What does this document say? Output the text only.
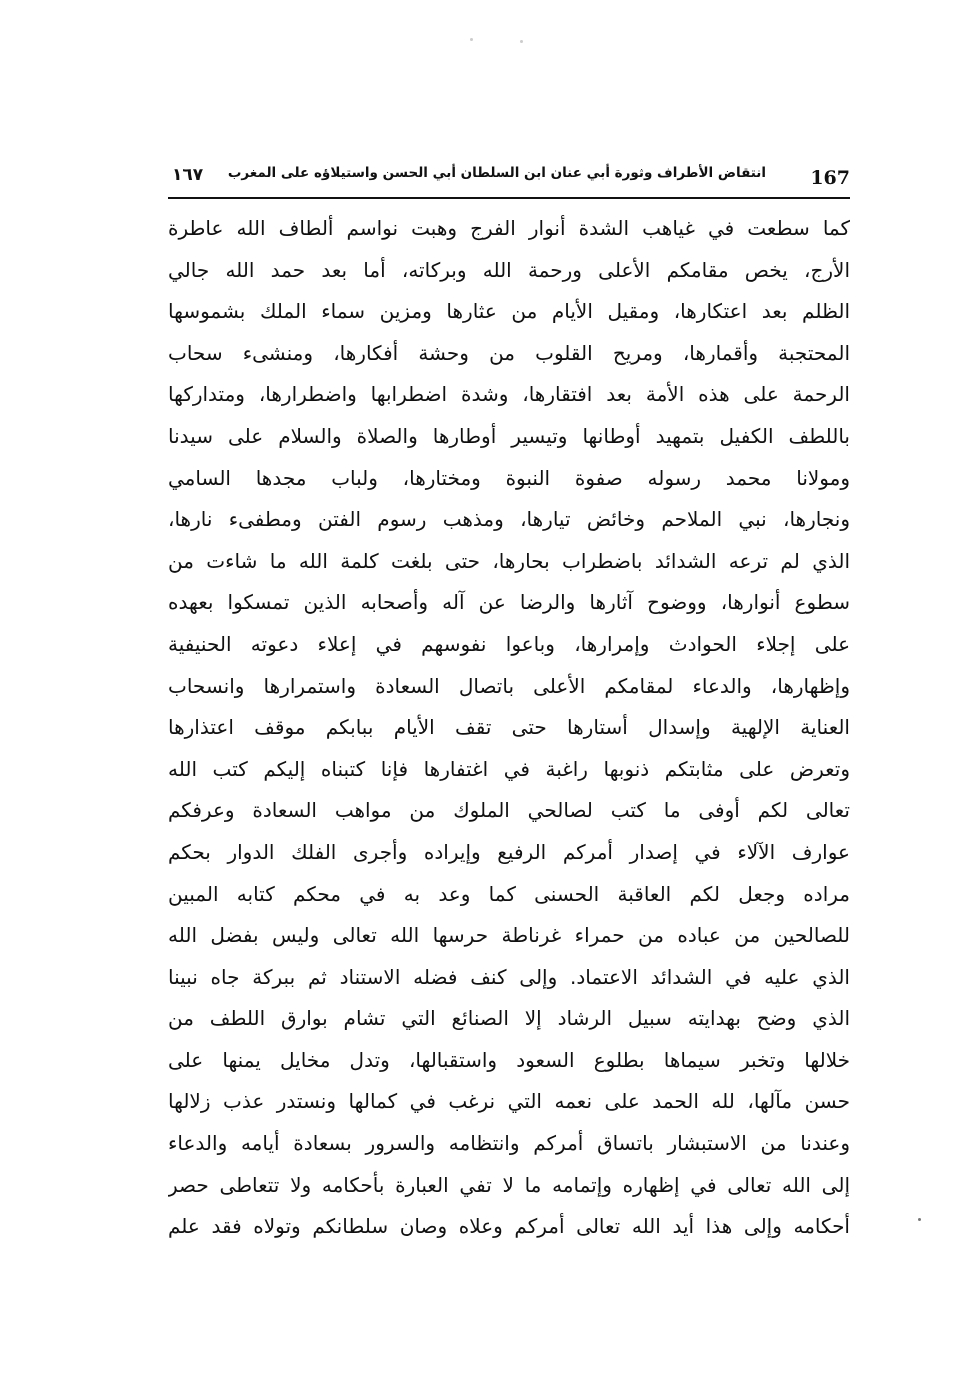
167
انتقاض الأطراف وثورة أبي عنان ابن السلطان أبي الحسن واستيلاؤه على المغرب
١٦٧
كما سطعت في غياهب الشدة أنوار الفرج وهبت نواسم ألطاف الله عاطرة
الأرج، يخص مقامكم الأعلى ورحمة الله وبركاته، أما بعد حمد الله جالي
الظلم بعد اعتكارها، ومقيل الأيام من عثارها ومزين سماء الملك بشموسها
المحتجبة وأقمارها، ومريح القلوب من وحشة أفكارها، ومنشىء سحاب
الرحمة على هذه الأمة بعد افتقارها، وشدة اضطرابها واضطرارها، ومتداركها
باللطف الكفيل بتمهيد أوطانها وتيسير أوطارها والصلاة والسلام على سيدنا
ومولانا محمد رسوله صفوة النبوة ومختارها، ولباب مجدها السامي
ونجارها، نبي الملاحم وخائض تيارها، ومذهب رسوم الفتن ومطفىء نارها،
الذي لم ترعه الشدائد باضطراب بحارها، حتى بلغت كلمة الله ما شاءت من
سطوع أنوارها، ووضوح آثارها والرضا عن آله وأصحابه الذين تمسكوا بعهده
على إجلاء الحوادث وإمرارها، وباعوا نفوسهم في إعلاء دعوته الحنيفية
وإظهارها، والدعاء لمقامكم الأعلى باتصال السعادة واستمرارها وانسحاب
العناية الإلهية وإسدال أستارها حتى تقف الأيام ببابكم موقف اعتذارها
وتعرض على مثابتكم ذنوبها راغبة في اغتفارها فإنا كتبناه إليكم كتب الله
تعالى لكم أوفى ما كتب لصالحي الملوك من مواهب السعادة وعرفكم
عوارف الآلاء في إصدار أمركم الرفيع وإيراده وأجرى الفلك الدوار بحكم
مراده وجعل لكم العاقبة الحسنى كما وعد به في محكم كتابه المبين
للصالحين من عباده من حمراء غرناطة حرسها الله تعالى وليس بفضل الله
الذي عليه في الشدائد الاعتماد. وإلى كنف فضله الاستناد ثم ببركة جاه نبينا
الذي وضح بهدايته سبيل الرشاد إلا الصنائع التي تشام بوارق اللطف من
خلالها وتخبر سيماها بطلوع السعود واستقبالها، وتدل مخايل يمنها على
حسن مآلها، لله الحمد على نعمه التي نرغب في كمالها ونستدر عذب زلالها
وعندنا من الاستبشار باتساق أمركم وانتظامه والسرور بسعادة أيامه والدعاء
إلى الله تعالى في إظهاره وإتمامه ما لا تفي العبارة بأحكامه ولا تتعاطى حصر
أحكامه وإلى هذا أيد الله تعالى أمركم وعلاه وصان سلطانكم وتولاه فقد علم
